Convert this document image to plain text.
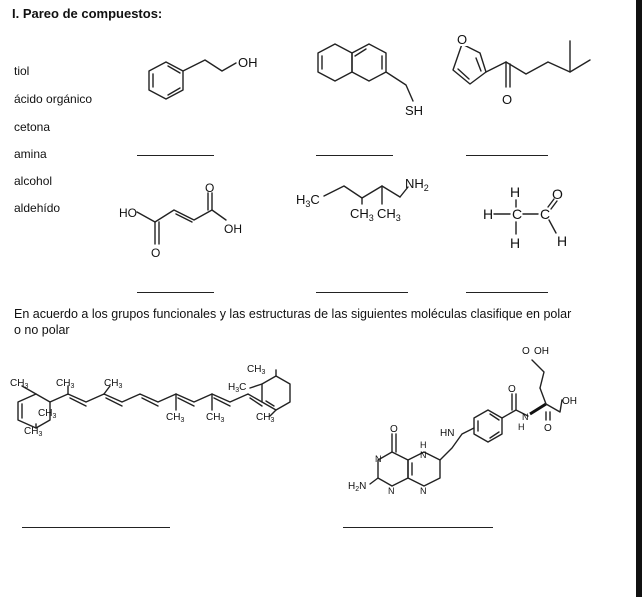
I. Pareo de compuestos:
tiol
ácido orgánico
cetona
amina
alcohol
aldehído
En acuerdo a los grupos funcionales y las estructuras de las siguientes moléculas clasifique en polar o no polar
OH
SH
O
O
HO
O
O
OH
$H_3C$
$NH_2$
$CH_3$ $CH_3$
H
H C
H
C
O
H
$CH_3$	$CH_3$	$CH_3$
$CH_3$
$CH_3$
$CH_3$ $CH_3$	$CH_3$
$CH_3$
$H_3C$
O
N
H
N
N	N
$H_2N$
HN
O
N
H O
OH
O OH
